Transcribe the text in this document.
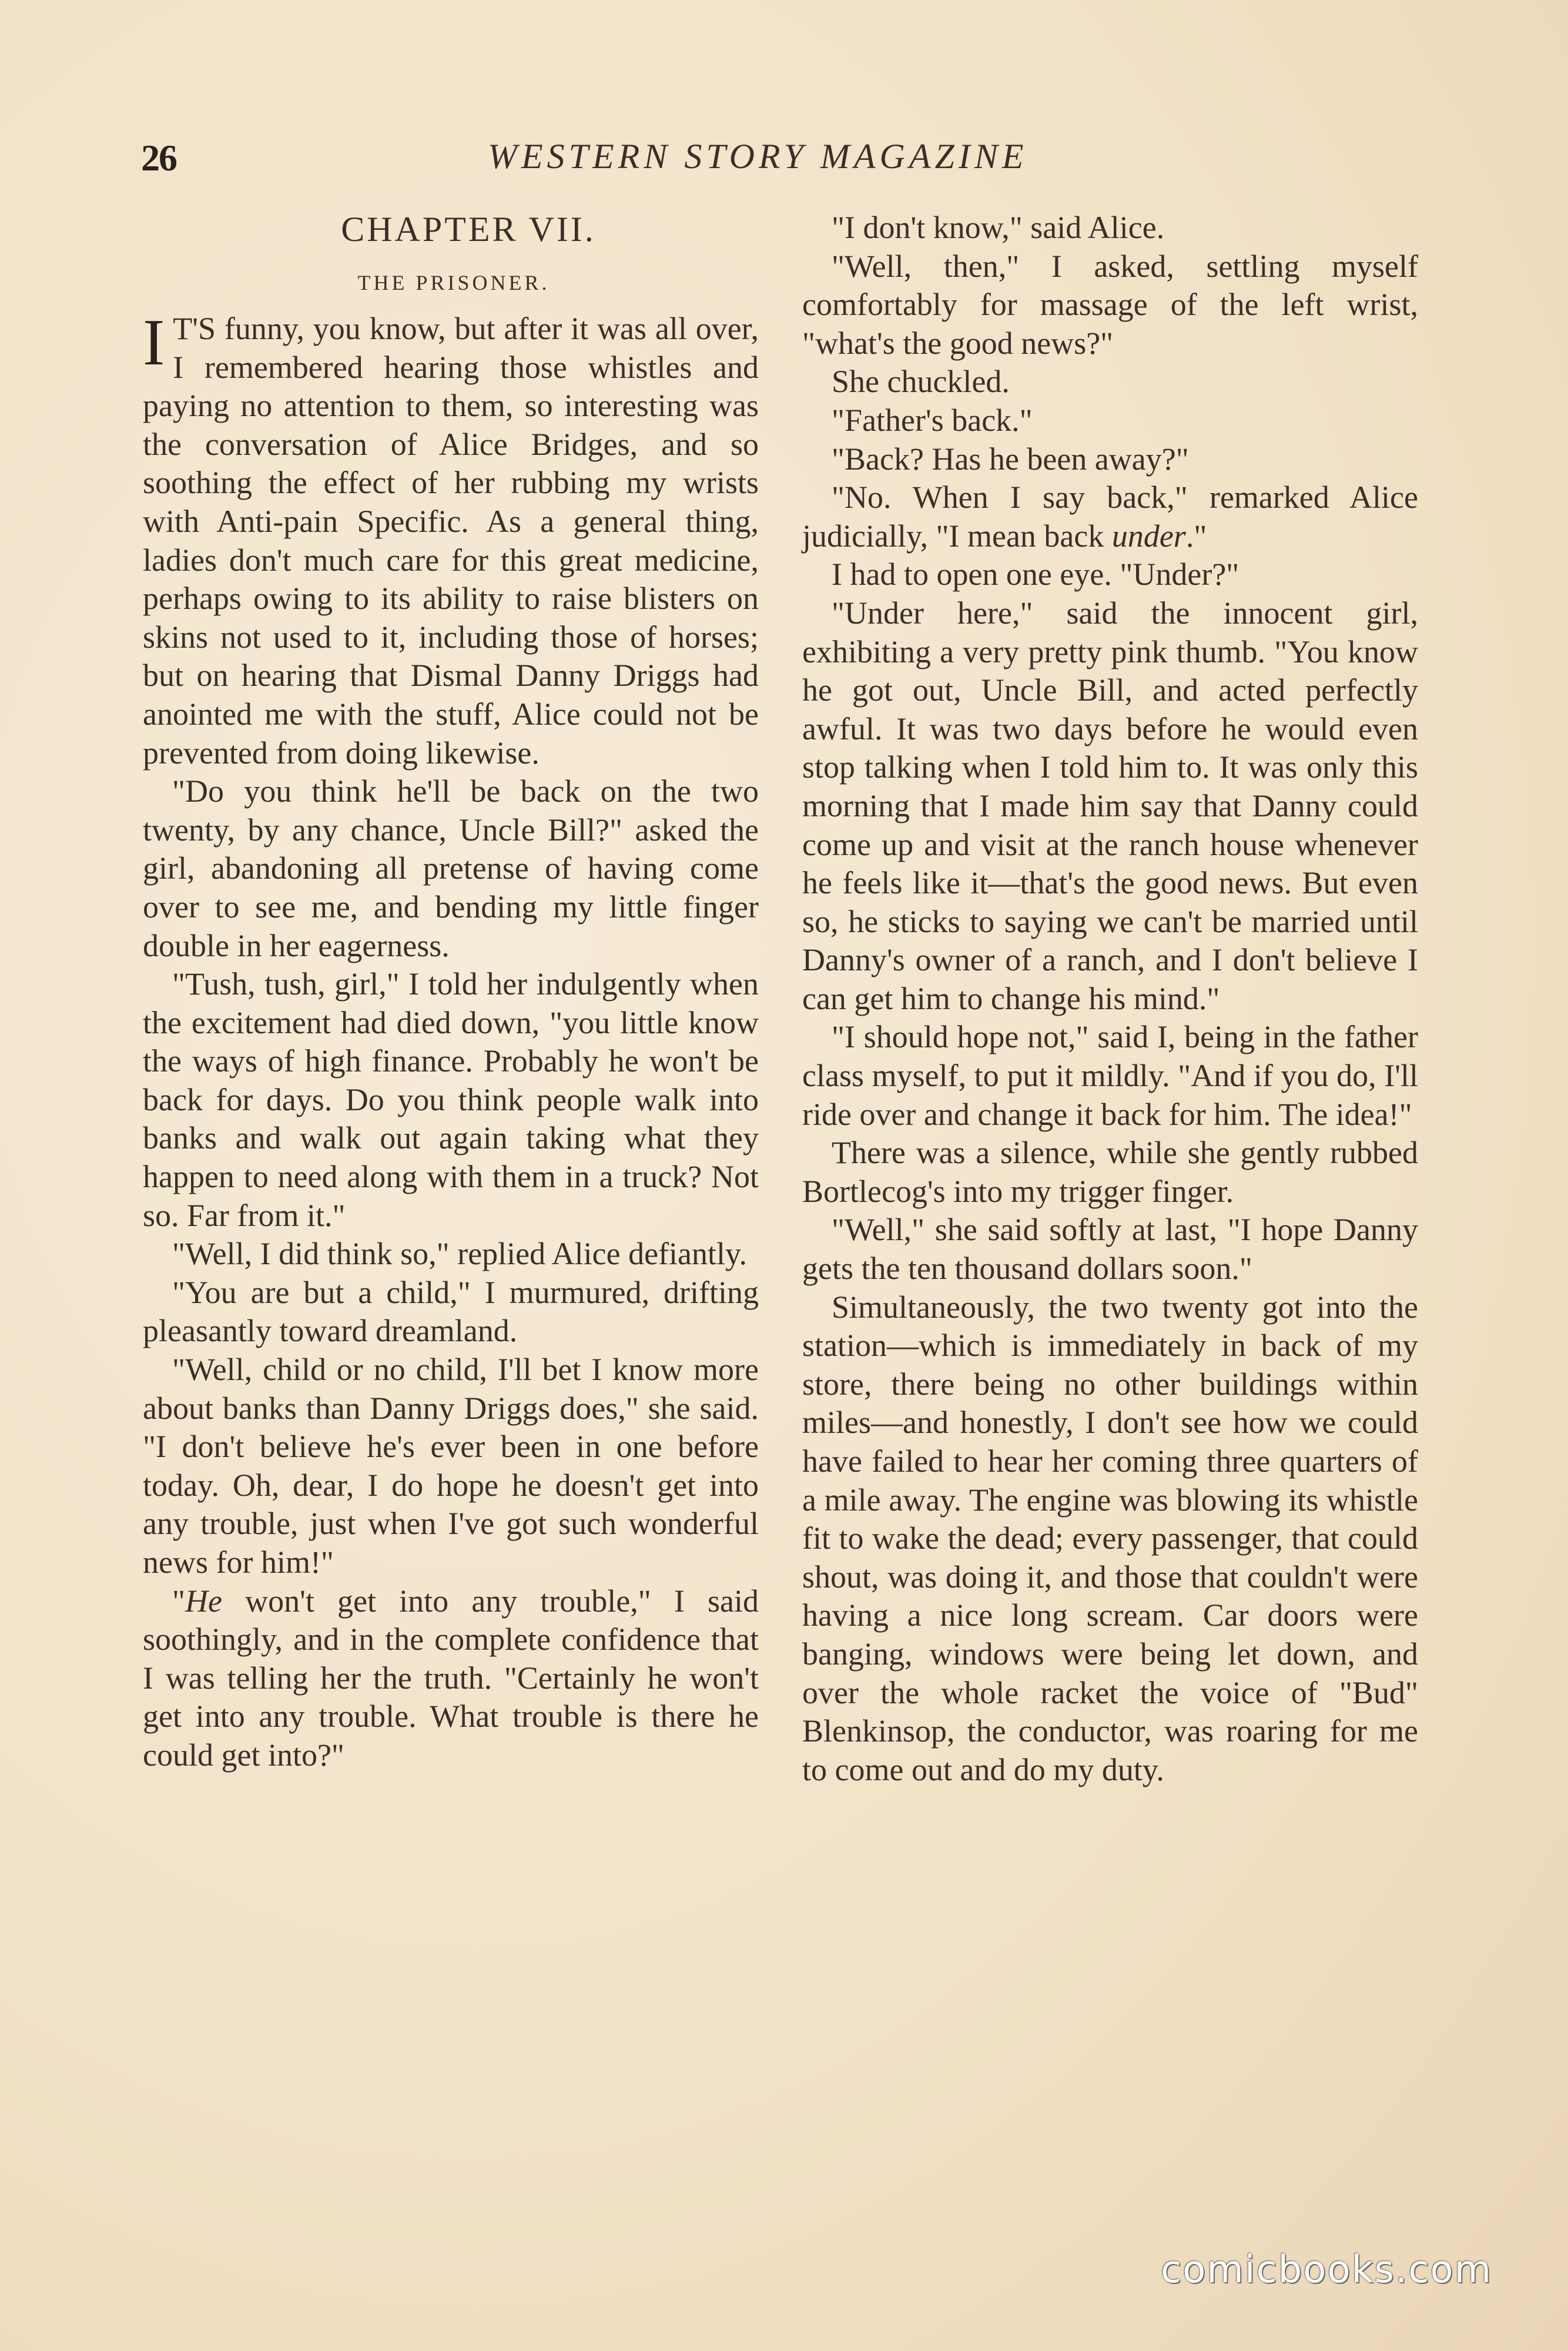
26	WESTERN STORY MAGAZINE
CHAPTER VII.
THE PRISONER.

I T'S funny, you know, but after it was all over, I remembered hearing those whistles and paying no attention to them, so interesting was the conversation of Alice Bridges, and so soothing the effect of her rubbing my wrists with Anti-pain Specific. As a general thing, ladies don't much care for this great medicine, perhaps owing to its ability to raise blisters on skins not used to it, including those of horses; but on hearing that Dismal Danny Driggs had anointed me with the stuff, Alice could not be prevented from doing likewise.

"Do you think he'll be back on the two twenty, by any chance, Uncle Bill?" asked the girl, abandoning all pretense of having come over to see me, and bending my little finger double in her eagerness.

"Tush, tush, girl," I told her indulgently when the excitement had died down, "you little know the ways of high finance. Probably he won't be back for days. Do you think people walk into banks and walk out again taking what they happen to need along with them in a truck? Not so. Far from it."

"Well, I did think so," replied Alice defiantly.

"You are but a child," I murmured, drifting pleasantly toward dreamland.

"Well, child or no child, I'll bet I know more about banks than Danny Driggs does," she said. "I don't believe he's ever been in one before today. Oh, dear, I do hope he doesn't get into any trouble, just when I've got such wonderful news for him!"

"He won't get into any trouble," I said soothingly, and in the complete confidence that I was telling her the truth. "Certainly he won't get into any trouble. What trouble is there he could get into?"

"I don't know," said Alice.

"Well, then," I asked, settling myself comfortably for massage of the left wrist, "what's the good news?"

She chuckled.

"Father's back."

"Back? Has he been away?"

"No. When I say back," remarked Alice judicially, "I mean back under."

I had to open one eye. "Under?"

"Under here," said the innocent girl, exhibiting a very pretty pink thumb. "You know he got out, Uncle Bill, and acted perfectly awful. It was two days before he would even stop talking when I told him to. It was only this morning that I made him say that Danny could come up and visit at the ranch house whenever he feels like it—that's the good news. But even so, he sticks to saying we can't be married until Danny's owner of a ranch, and I don't believe I can get him to change his mind."

"I should hope not," said I, being in the father class myself, to put it mildly. "And if you do, I'll ride over and change it back for him. The idea!"

There was a silence, while she gently rubbed Bortlecog's into my trigger finger.

"Well," she said softly at last, "I hope Danny gets the ten thousand dollars soon."

Simultaneously, the two twenty got into the station—which is immediately in back of my store, there being no other buildings within miles—and honestly, I don't see how we could have failed to hear her coming three quarters of a mile away. The engine was blowing its whistle fit to wake the dead; every passenger, that could shout, was doing it, and those that couldn't were having a nice long scream. Car doors were banging, windows were being let down, and over the whole racket the voice of "Bud" Blenkinsop, the conductor, was roaring for me to come out and do my duty.

comicbooks.com
